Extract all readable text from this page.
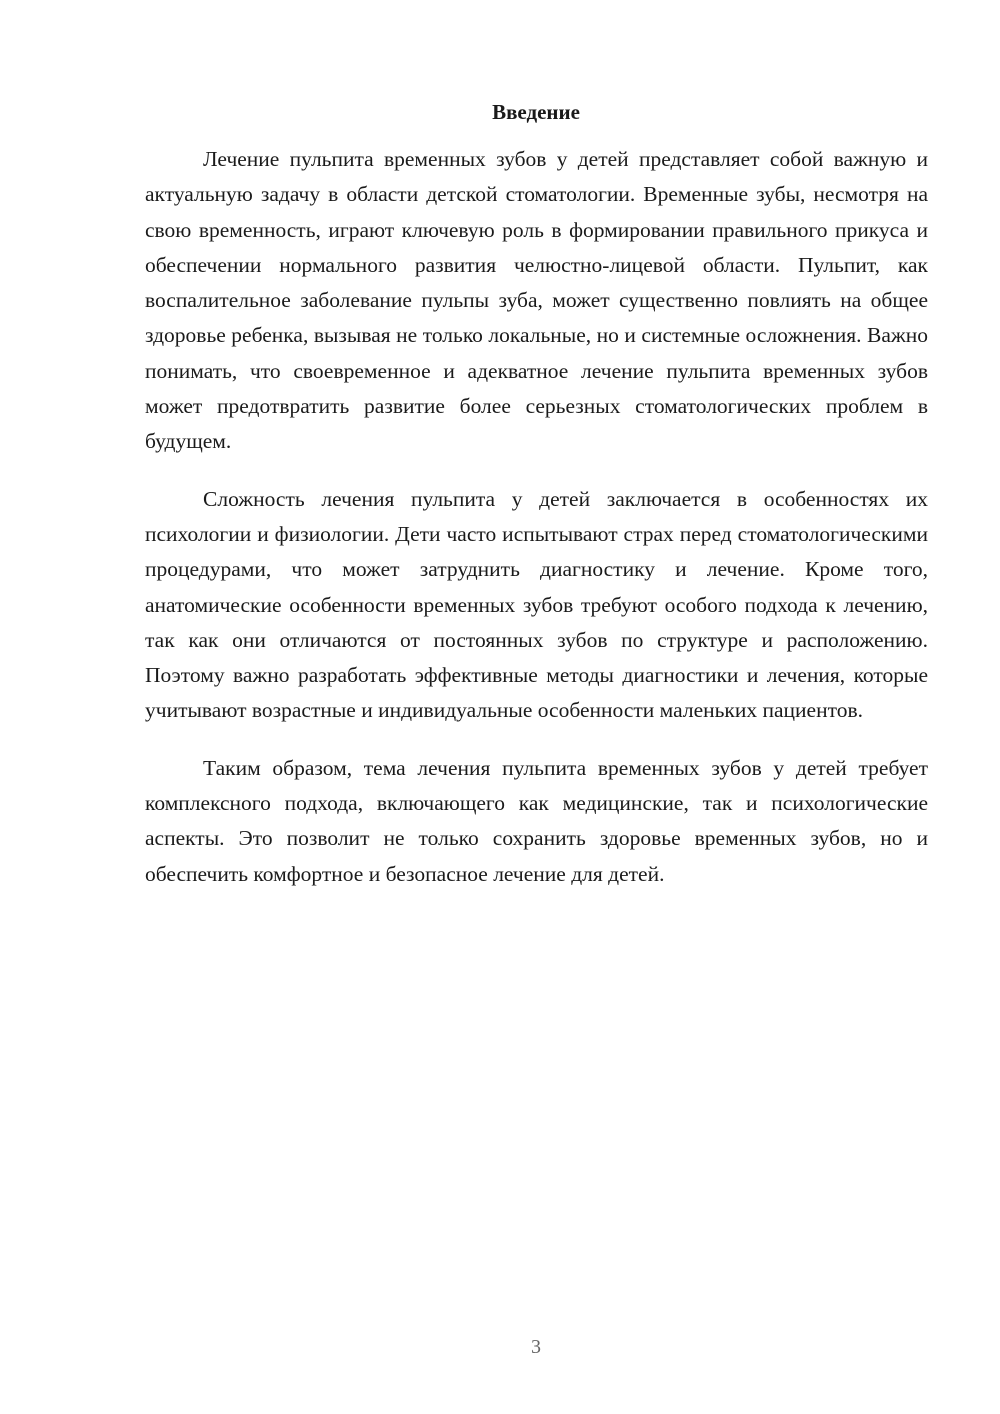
Введение

Лечение пульпита временных зубов у детей представляет собой важную и актуальную задачу в области детской стоматологии. Временные зубы, несмотря на свою временность, играют ключевую роль в формировании правильного прикуса и обеспечении нормального развития челюстно-лицевой области. Пульпит, как воспалительное заболевание пульпы зуба, может существенно повлиять на общее здоровье ребенка, вызывая не только локальные, но и системные осложнения. Важно понимать, что своевременное и адекватное лечение пульпита временных зубов может предотвратить развитие более серьезных стоматологических проблем в будущем.

Сложность лечения пульпита у детей заключается в особенностях их психологии и физиологии. Дети часто испытывают страх перед стоматологическими процедурами, что может затруднить диагностику и лечение. Кроме того, анатомические особенности временных зубов требуют особого подхода к лечению, так как они отличаются от постоянных зубов по структуре и расположению. Поэтому важно разработать эффективные методы диагностики и лечения, которые учитывают возрастные и индивидуальные особенности маленьких пациентов.

Таким образом, тема лечения пульпита временных зубов у детей требует комплексного подхода, включающего как медицинские, так и психологические аспекты. Это позволит не только сохранить здоровье временных зубов, но и обеспечить комфортное и безопасное лечение для детей.

3
